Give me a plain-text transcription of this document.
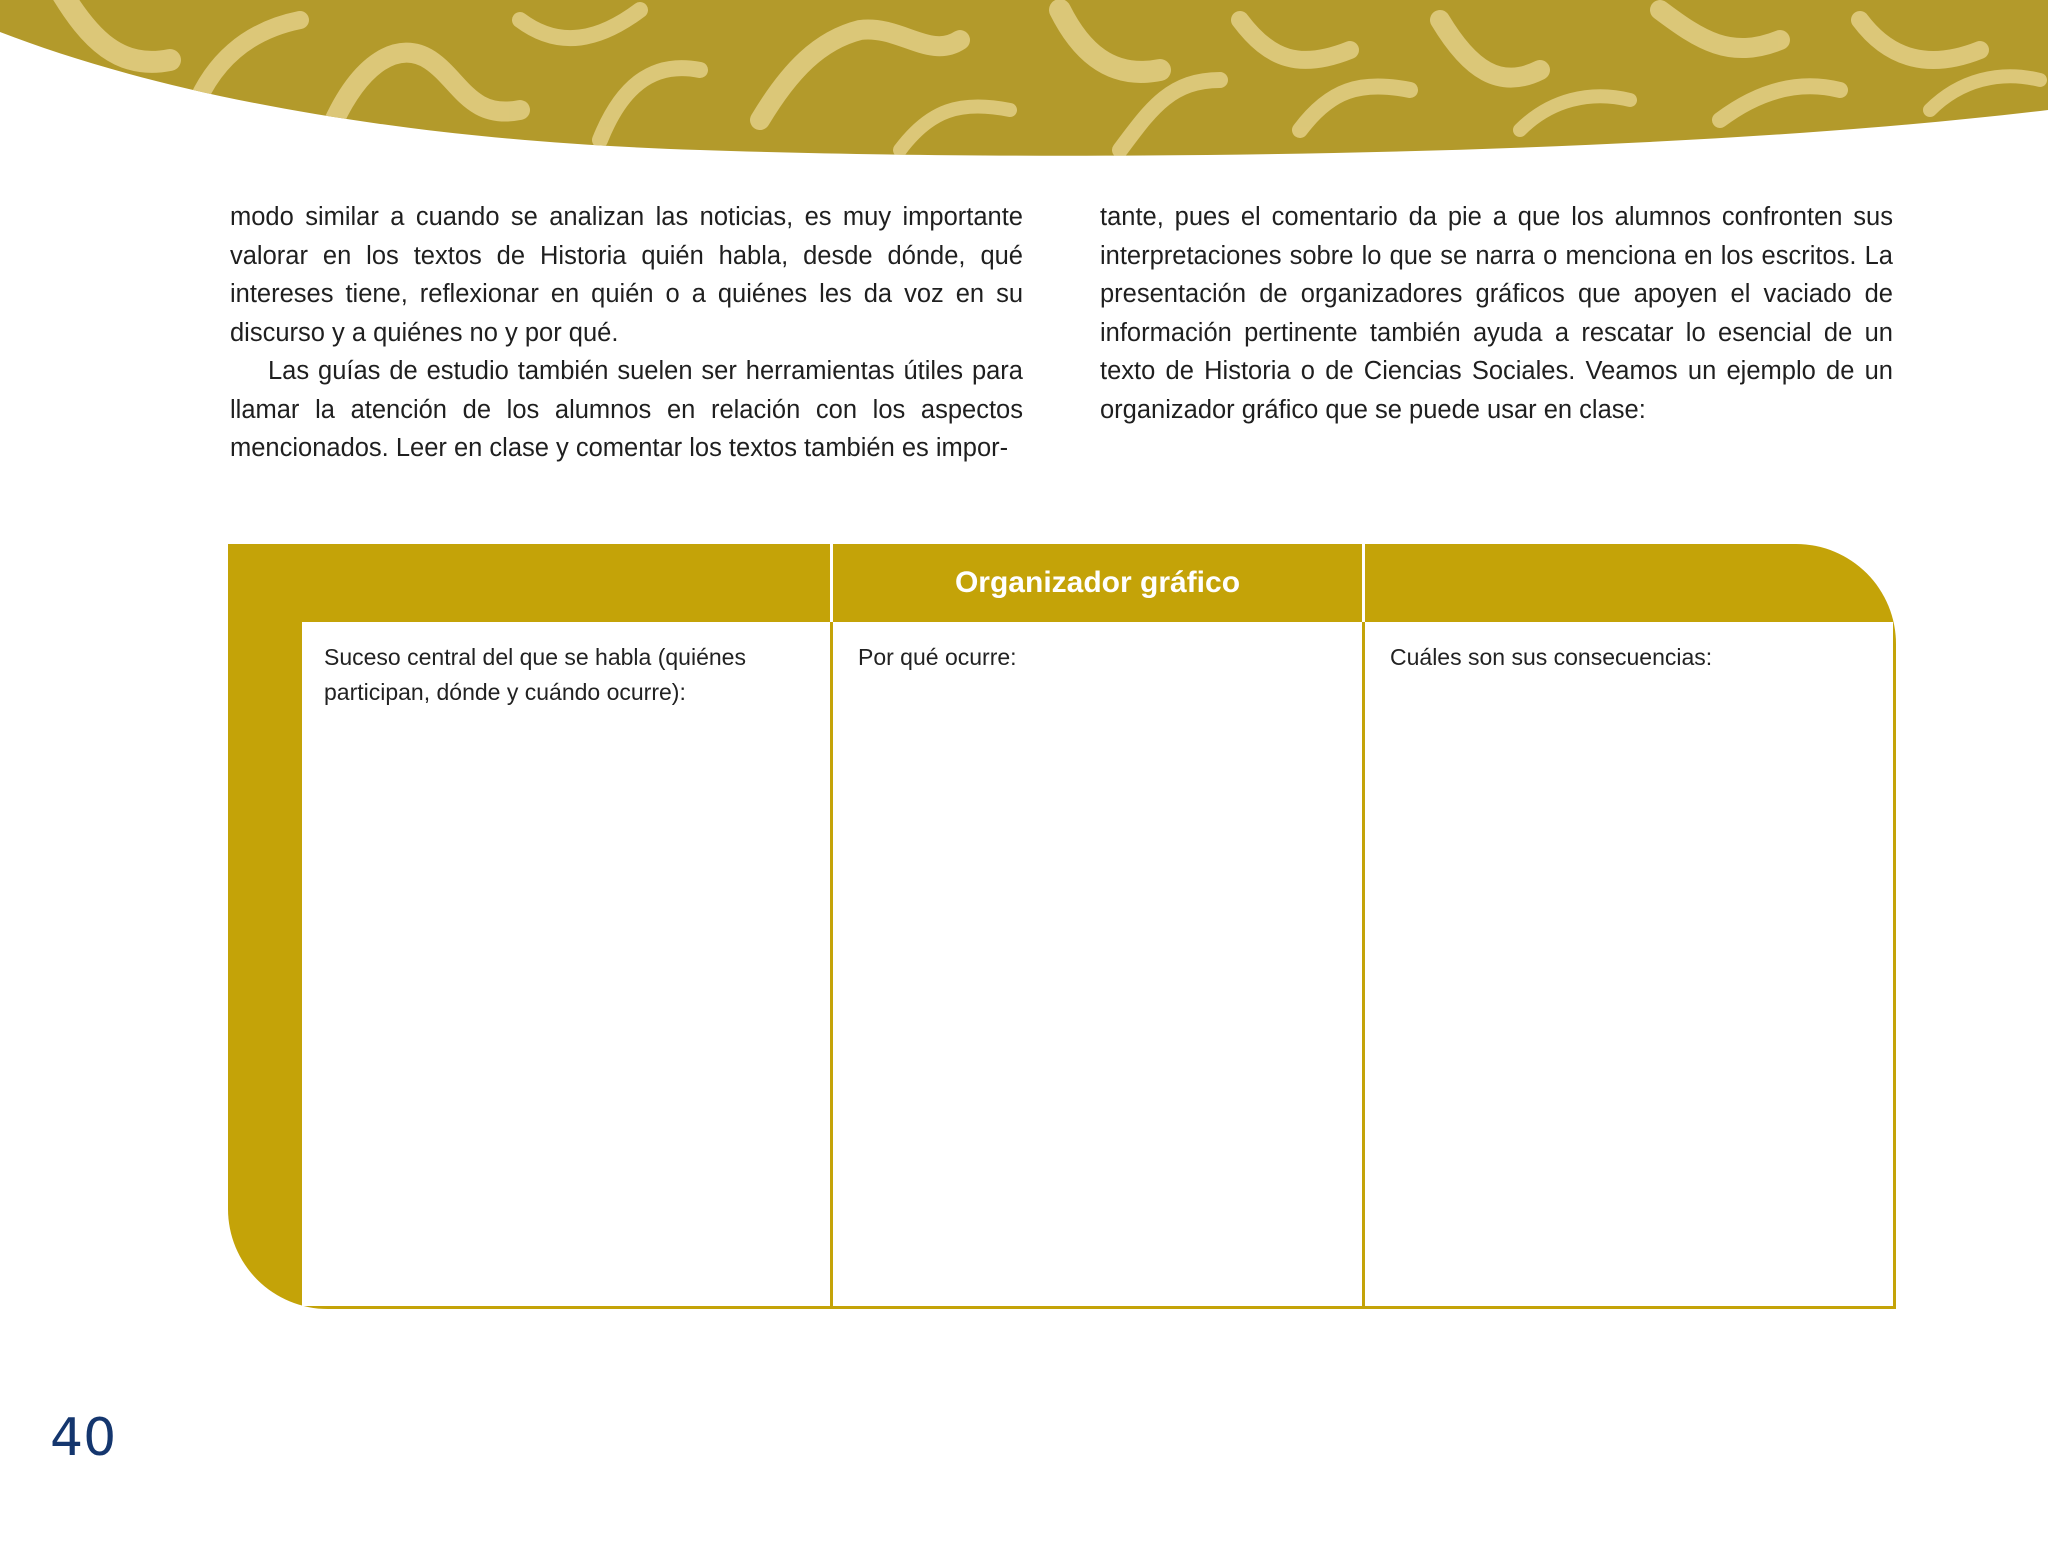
modo similar a cuando se analizan las noticias, es muy importante valorar en los textos de Historia quién habla, desde dónde, qué intereses tiene, reflexionar en quién o a quiénes les da voz en su discurso y a quiénes no y por qué.

Las guías de estudio también suelen ser herramientas útiles para llamar la atención de los alumnos en relación con los aspectos mencionados. Leer en clase y comentar los textos también es impor-

tante, pues el comentario da pie a que los alumnos confronten sus interpretaciones sobre lo que se narra o menciona en los escritos. La presentación de organizadores gráficos que apoyen el vaciado de información pertinente también ayuda a rescatar lo esencial de un texto de Historia o de Ciencias Sociales. Veamos un ejemplo de un organizador gráfico que se puede usar en clase:

Organizador gráfico
Suceso central del que se habla (quiénes participan, dónde y cuándo ocurre):
Por qué ocurre:	Cuáles son sus consecuencias:
40
